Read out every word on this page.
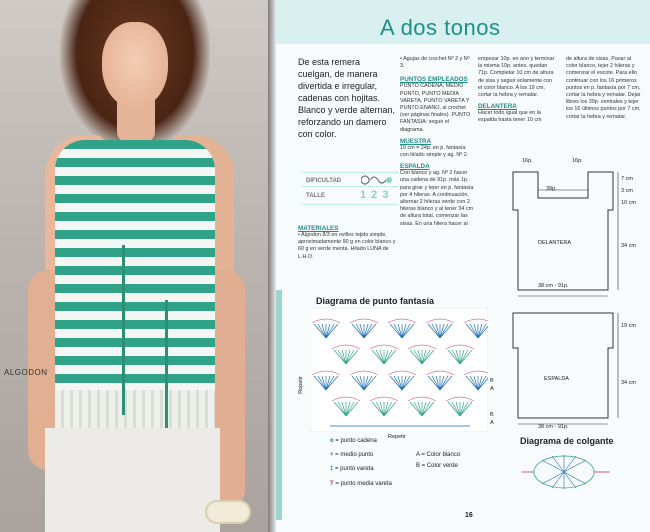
ALGODON
A dos tonos
De esta remera cuelgan, de manera divertida e irregular, cadenas con hojitas. Blanco y verde alternan, reforzando un damero con color.
DIFICULTAD
TALLE	1 2 3
MATERIALES
• Algodon 8/3 en ovillos tejido simple, aproximadamente 90 g en color blanco y 60 g en verde menta. Hilado LUNA de L.H.O.
• Agujas de crochet Nº 2 y Nº 3.
PUNTOS EMPLEADOS
PUNTO CADENA, MEDIO PUNTO, PUNTO MEDIA VARETA, PUNTO VARETA Y PUNTO ENANO, al crochet (ver páginas finales). PUNTO FANTASIA: seguir el diagrama.
MUESTRA
10 cm = 24p. en p. fantasía con hilado simple y ag. Nº 2.
ESPALDA
Con blanco y ag. Nº 2 hacer una cadena de 91p. más 1p. para girar y tejer en p. fantasía por 4 hileras. A continuación, alternar 2 hileras verde con 2 hileras blanco y al tener 34 cm de altura total, comenzar las sisas. En una hilera hacer al
empezar 10p. en ano y terminar la misma 10p. antes, quedan 71p. Completar 10 cm de altura de sisa y seguir solamente con el color blanco. A los 19 cm, cortar la hebra y rematar.
DELANTERA
Hacer todo igual que en la espalda hasta tener 10 cm
de altura de sisas. Pasar al color blanco, tejer 2 hileras y comenzar el escote. Para ello continuar con los 16 primeros puntos en p. fantasía por 7 cm, cortar la hebra y rematar. Dejar libres los 39p. centrales y tejer los 16 últimos puntos por 7 cm, cortar la hebra y rematar.
16p.	16p.
39p.
7 cm
3 cm
10 cm
34 cm
DELANTERA
38 cm - 91p.
19 cm
34 cm
ESPALDA
38 cm - 91p.
Diagrama de punto fantasía
Repetir
Repetir
B
A
B
A
o = punto cadena
+ = medio punto
‡ = punto vareta
T = punto media vareta
A = Color blanco
B = Color verde
Diagrama de colgante
16
